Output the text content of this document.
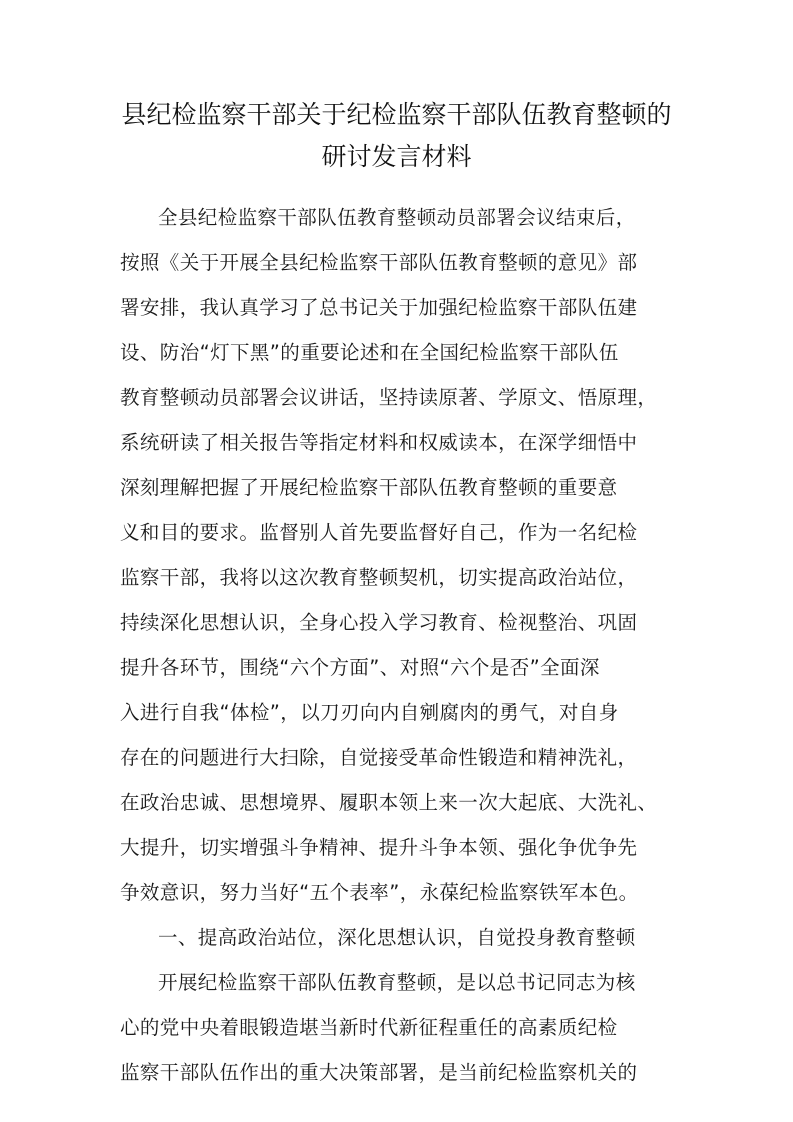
县纪检监察干部关于纪检监察干部队伍教育整顿的
研讨发言材料
全县纪检监察干部队伍教育整顿动员部署会议结束后，
按照《关于开展全县纪检监察干部队伍教育整顿的意见》部
署安排，我认真学习了总书记关于加强纪检监察干部队伍建
设、防治“灯下黑”的重要论述和在全国纪检监察干部队伍
教育整顿动员部署会议讲话，坚持读原著、学原文、悟原理，
系统研读了相关报告等指定材料和权威读本，在深学细悟中
深刻理解把握了开展纪检监察干部队伍教育整顿的重要意
义和目的要求。监督别人首先要监督好自己，作为一名纪检
监察干部，我将以这次教育整顿契机，切实提高政治站位，
持续深化思想认识，全身心投入学习教育、检视整治、巩固
提升各环节，围绕“六个方面”、对照“六个是否”全面深
入进行自我“体检”，以刀刃向内自剜腐肉的勇气，对自身
存在的问题进行大扫除，自觉接受革命性锻造和精神洗礼，
在政治忠诚、思想境界、履职本领上来一次大起底、大洗礼、
大提升，切实增强斗争精神、提升斗争本领、强化争优争先
争效意识，努力当好“五个表率”，永葆纪检监察铁军本色。
一、提高政治站位，深化思想认识，自觉投身教育整顿
开展纪检监察干部队伍教育整顿，是以总书记同志为核
心的党中央着眼锻造堪当新时代新征程重任的高素质纪检
监察干部队伍作出的重大决策部署，是当前纪检监察机关的
